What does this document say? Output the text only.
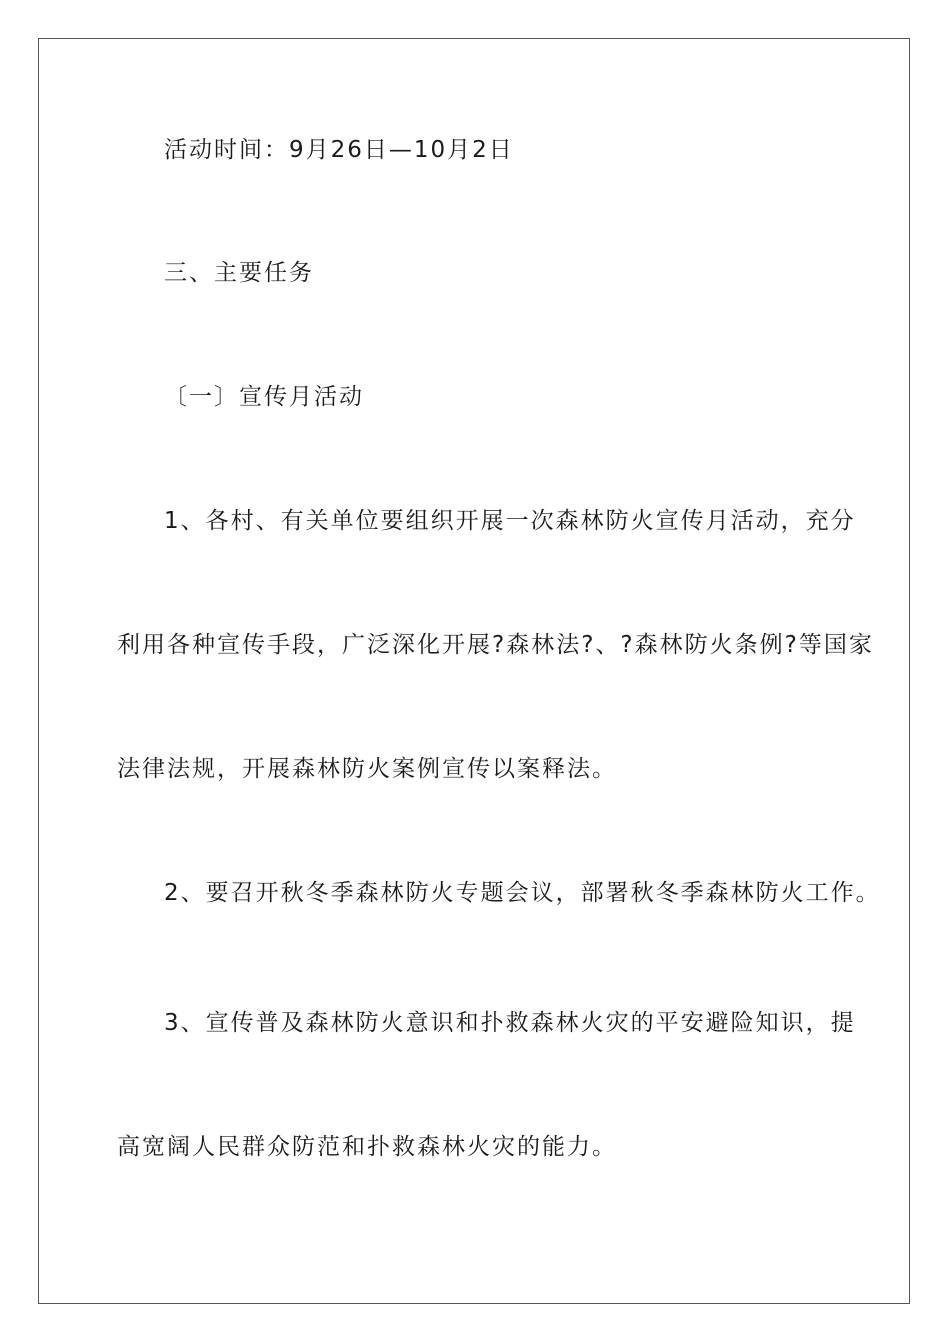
活动时间：9月26日—10月2日
三、主要任务
〔一〕宣传月活动
1、各村、有关单位要组织开展一次森林防火宣传月活动，充分
利用各种宣传手段，广泛深化开展?森林法?、?森林防火条例?等国家
法律法规，开展森林防火案例宣传以案释法。
2、要召开秋冬季森林防火专题会议，部署秋冬季森林防火工作。
3、宣传普及森林防火意识和扑救森林火灾的平安避险知识，提
高宽阔人民群众防范和扑救森林火灾的能力。
